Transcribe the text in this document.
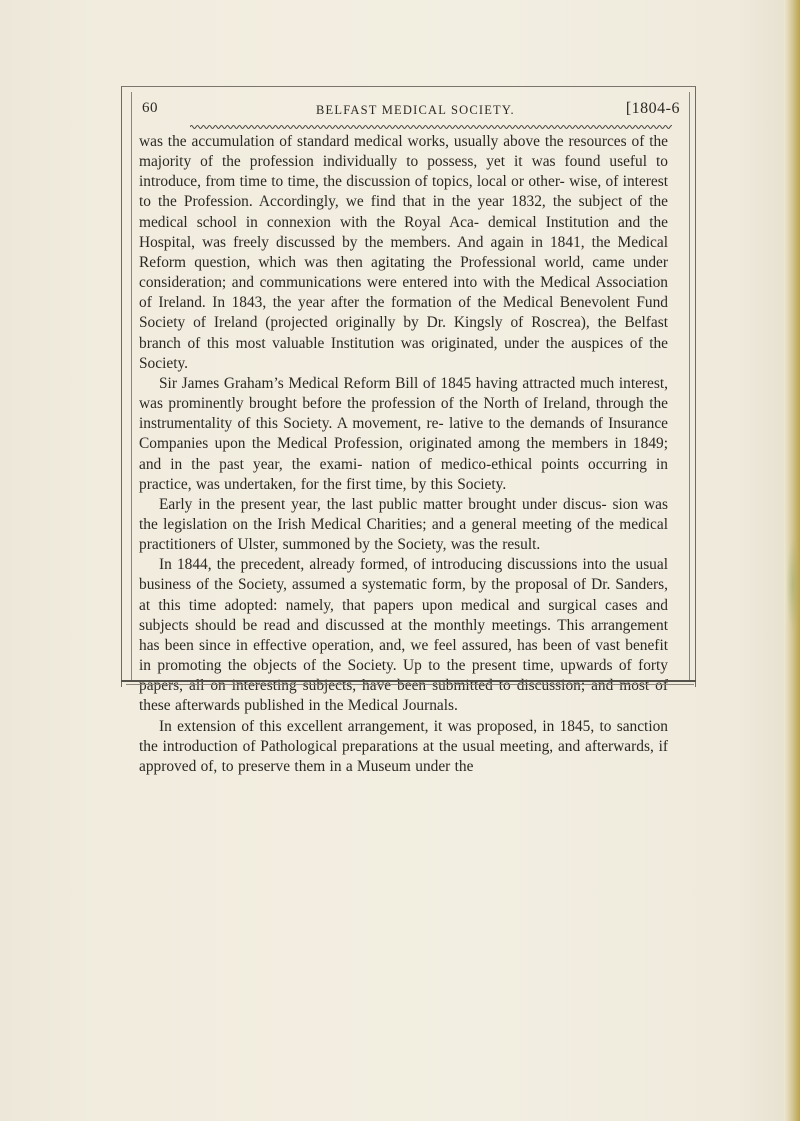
60	BELFAST MEDICAL SOCIETY.	[1804-6

was the accumulation of standard medical works, usually above the resources of the majority of the profession individually to possess, yet it was found useful to introduce, from time to time, the discussion of topics, local or other- wise, of interest to the Profession. Accordingly, we find that in the year 1832, the subject of the medical school in connexion with the Royal Aca- demical Institution and the Hospital, was freely discussed by the members. And again in 1841, the Medical Reform question, which was then agitating the Professional world, came under consideration; and communications were entered into with the Medical Association of Ireland. In 1843, the year after the formation of the Medical Benevolent Fund Society of Ireland (projected originally by Dr. Kingsly of Roscrea), the Belfast branch of this most valuable Institution was originated, under the auspices of the Society.

Sir James Graham’s Medical Reform Bill of 1845 having attracted much interest, was prominently brought before the profession of the North of Ireland, through the instrumentality of this Society. A movement, re- lative to the demands of Insurance Companies upon the Medical Profession, originated among the members in 1849; and in the past year, the exami- nation of medico-ethical points occurring in practice, was undertaken, for the first time, by this Society.

Early in the present year, the last public matter brought under discus- sion was the legislation on the Irish Medical Charities; and a general meeting of the medical practitioners of Ulster, summoned by the Society, was the result.

In 1844, the precedent, already formed, of introducing discussions into the usual business of the Society, assumed a systematic form, by the proposal of Dr. Sanders, at this time adopted: namely, that papers upon medical and surgical cases and subjects should be read and discussed at the monthly meetings. This arrangement has been since in effective operation, and, we feel assured, has been of vast benefit in promoting the objects of the Society. Up to the present time, upwards of forty papers, all on interesting subjects, have been submitted to discussion; and most of these afterwards published in the Medical Journals.

In extension of this excellent arrangement, it was proposed, in 1845, to sanction the introduction of Pathological preparations at the usual meeting, and afterwards, if approved of, to preserve them in a Museum under the
